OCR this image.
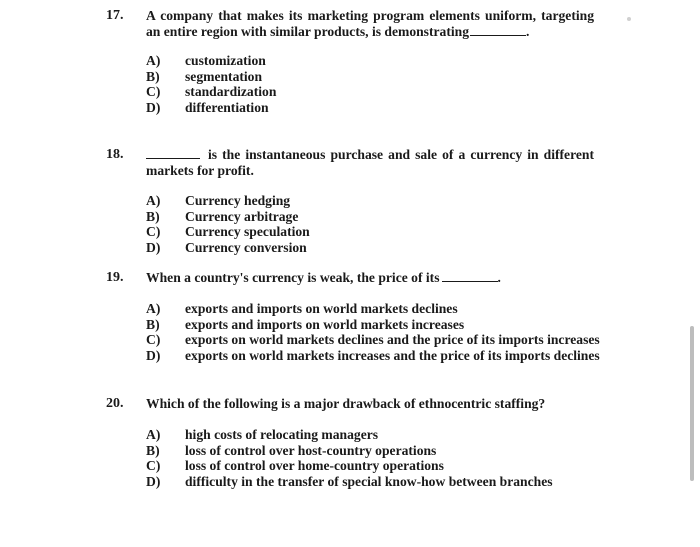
17. A company that makes its marketing program elements uniform, targeting an entire region with similar products, is demonstrating	.
A) customization
B) segmentation
C) standardization
D) differentiation
18.	is the instantaneous purchase and sale of a currency in different markets for profit.
A) Currency hedging
B) Currency arbitrage
C) Currency speculation
D) Currency conversion
19. When a country's currency is weak, the price of its	.
A) exports and imports on world markets declines
B) exports and imports on world markets increases
C) exports on world markets declines and the price of its imports increases
D) exports on world markets increases and the price of its imports declines
20. Which of the following is a major drawback of ethnocentric staffing?
A) high costs of relocating managers
B) loss of control over host-country operations
C) loss of control over home-country operations
D) difficulty in the transfer of special know-how between branches
